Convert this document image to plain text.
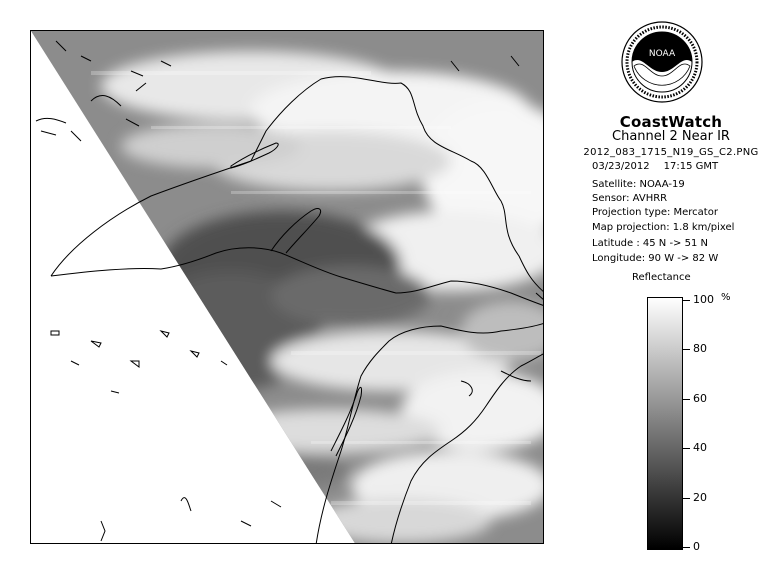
NOAA
CoastWatch
Channel 2 Near IR
2012_083_1715_N19_GS_C2.PNG
03/23/2012 17:15 GMT
Satellite: NOAA-19
Sensor: AVHRR
Projection type: Mercator
Map projection: 1.8 km/pixel
Latitude : 45 N -> 51 N
Longitude: 90 W -> 82 W
Reflectance
%
100
80
60
40
20
0
